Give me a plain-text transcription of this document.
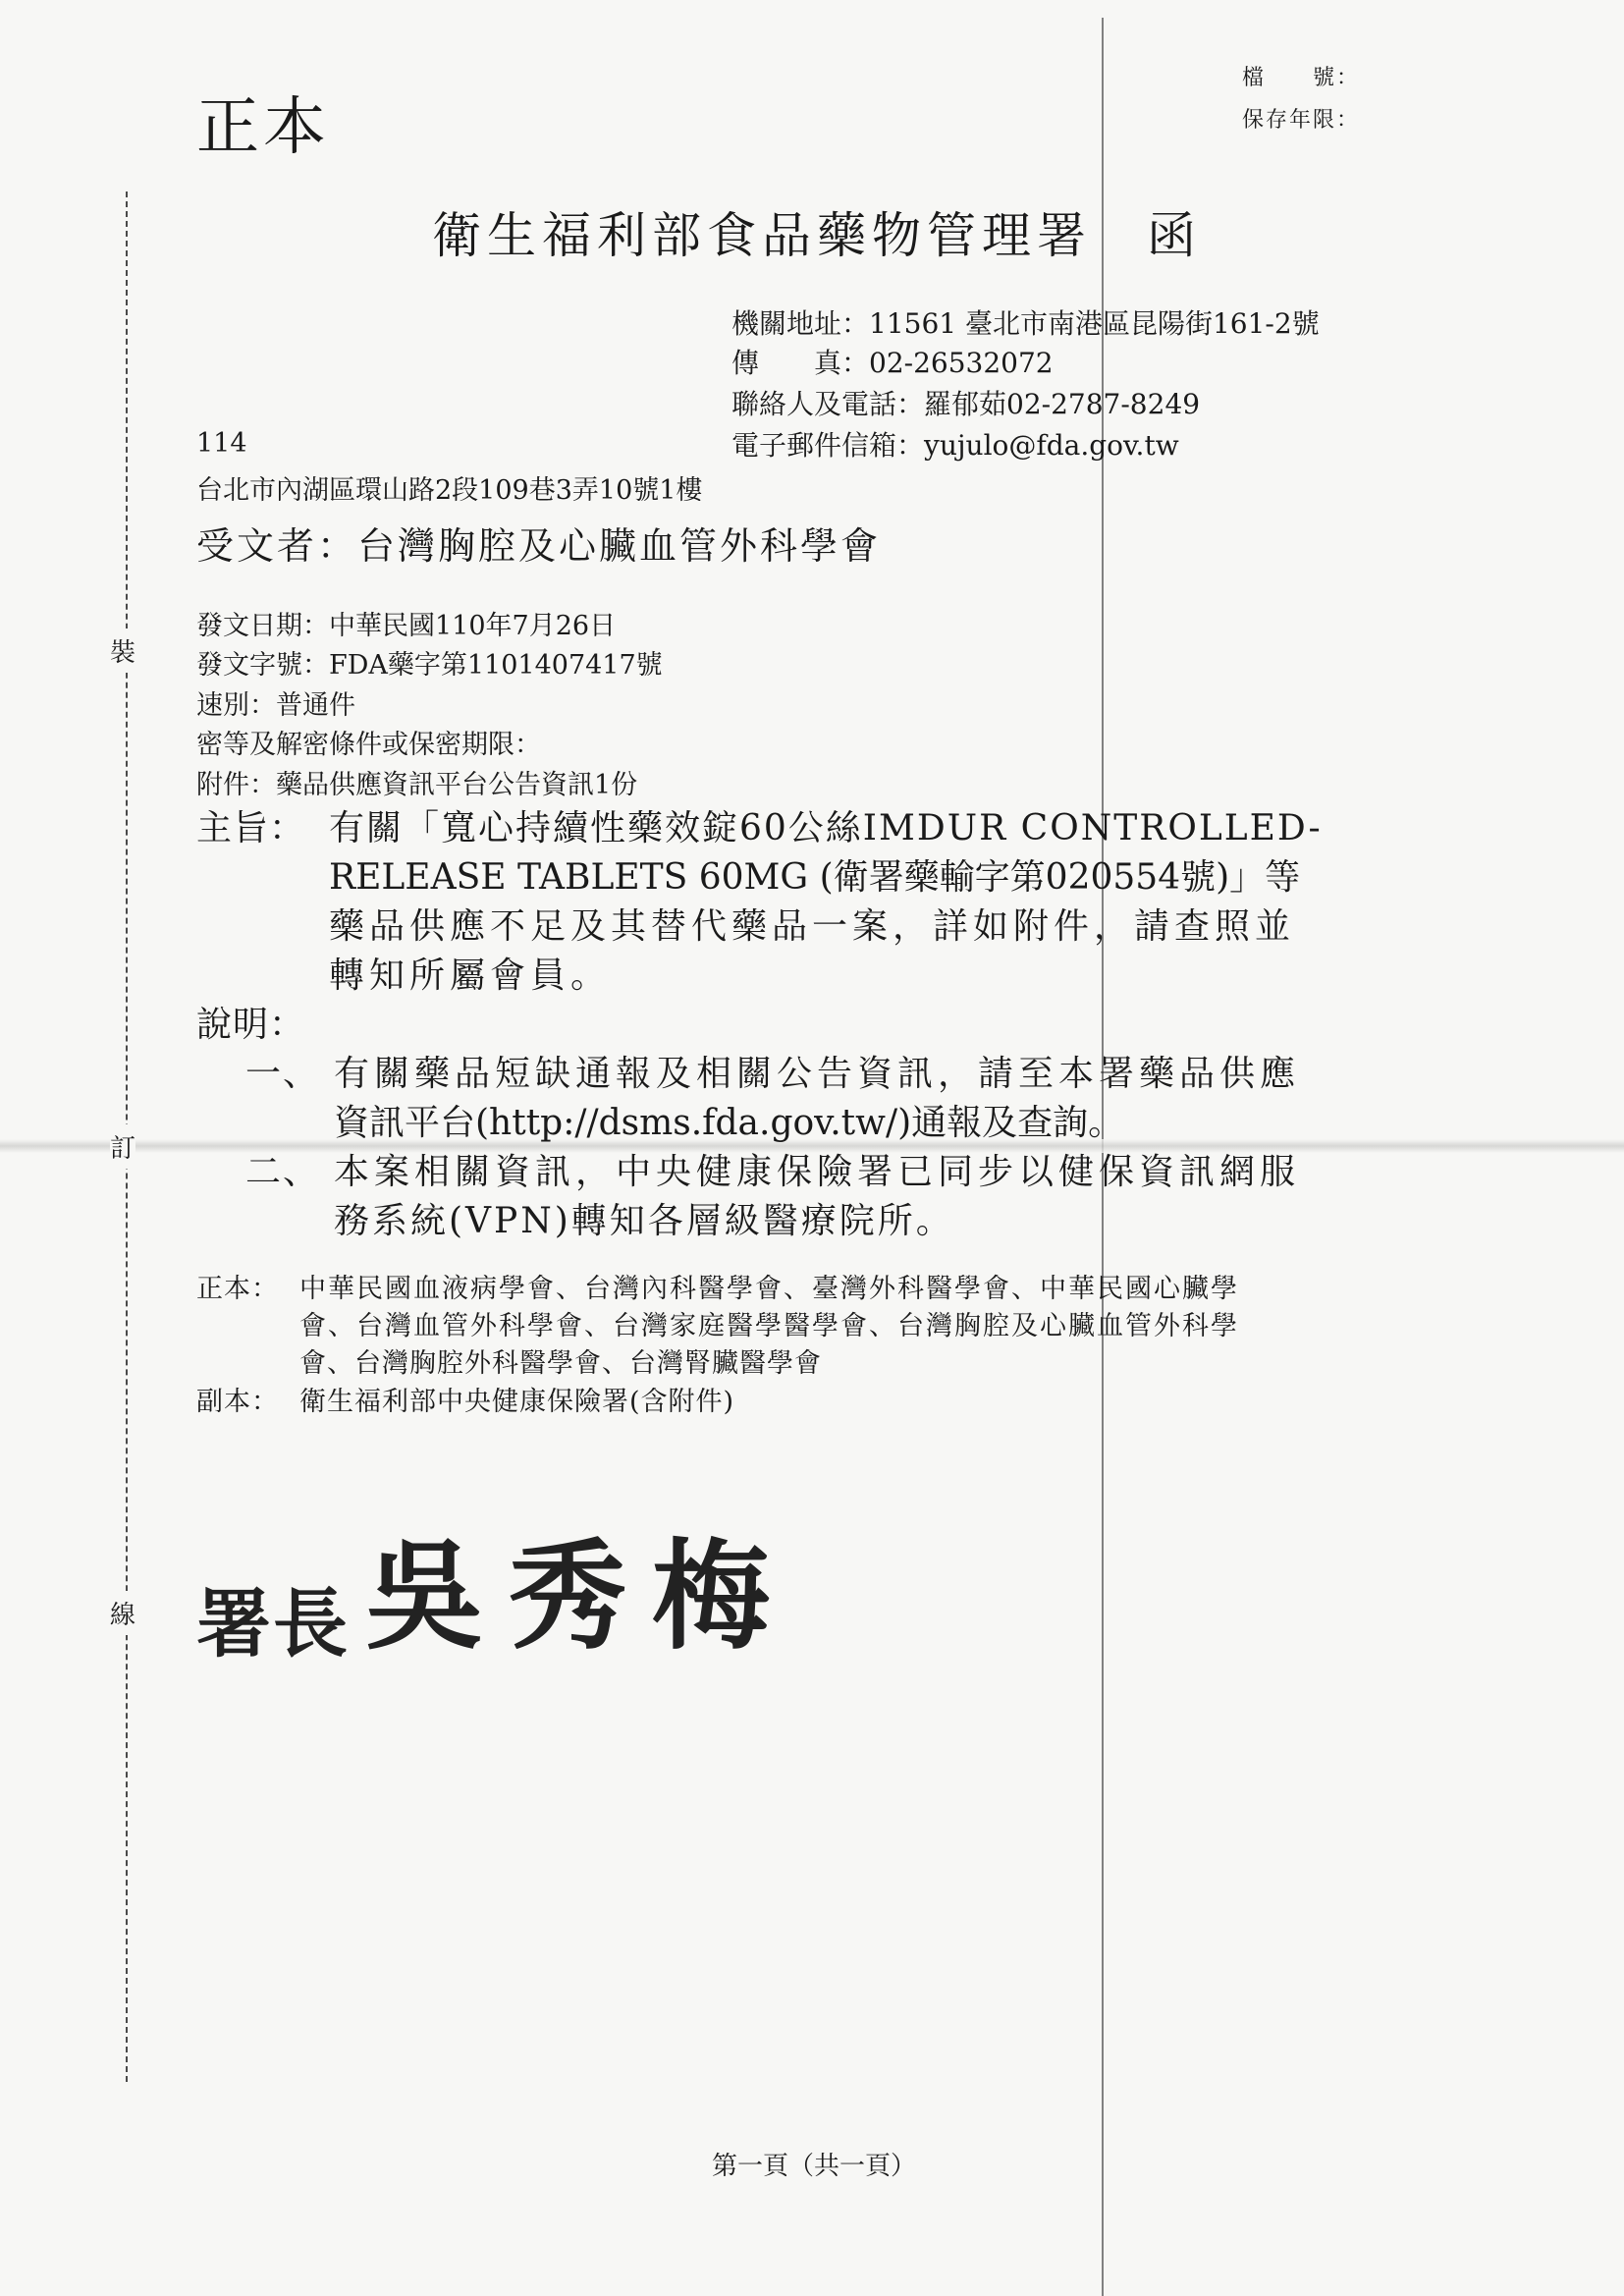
裝
訂
線
正本
檔　　號：
保存年限：
衛生福利部食品藥物管理署　函
機關地址：11561 臺北市南港區昆陽街161-2號
傳　　真：02-26532072
聯絡人及電話：羅郁茹02-2787-8249
電子郵件信箱：yujulo@fda.gov.tw
114
台北市內湖區環山路2段109巷3弄10號1樓
受文者：台灣胸腔及心臟血管外科學會
發文日期：中華民國110年7月26日
發文字號：FDA藥字第1101407417號
速別：普通件
密等及解密條件或保密期限：
附件：藥品供應資訊平台公告資訊1份
主旨： 有關「寬心持續性藥效錠60公絲IMDUR CONTROLLED-
RELEASE TABLETS 60MG (衛署藥輸字第020554號)」等
藥品供應不足及其替代藥品一案，詳如附件，請查照並
轉知所屬會員。
說明：
一、 有關藥品短缺通報及相關公告資訊，請至本署藥品供應
資訊平台(http://dsms.fda.gov.tw/)通報及查詢。
二、 本案相關資訊，中央健康保險署已同步以健保資訊網服
務系統(VPN)轉知各層級醫療院所。
正本： 中華民國血液病學會、台灣內科醫學會、臺灣外科醫學會、中華民國心臟學
會、台灣血管外科學會、台灣家庭醫學醫學會、台灣胸腔及心臟血管外科學
會、台灣胸腔外科醫學會、台灣腎臟醫學會
副本： 衛生福利部中央健康保險署(含附件)
署長 吳秀梅
第一頁（共一頁）
